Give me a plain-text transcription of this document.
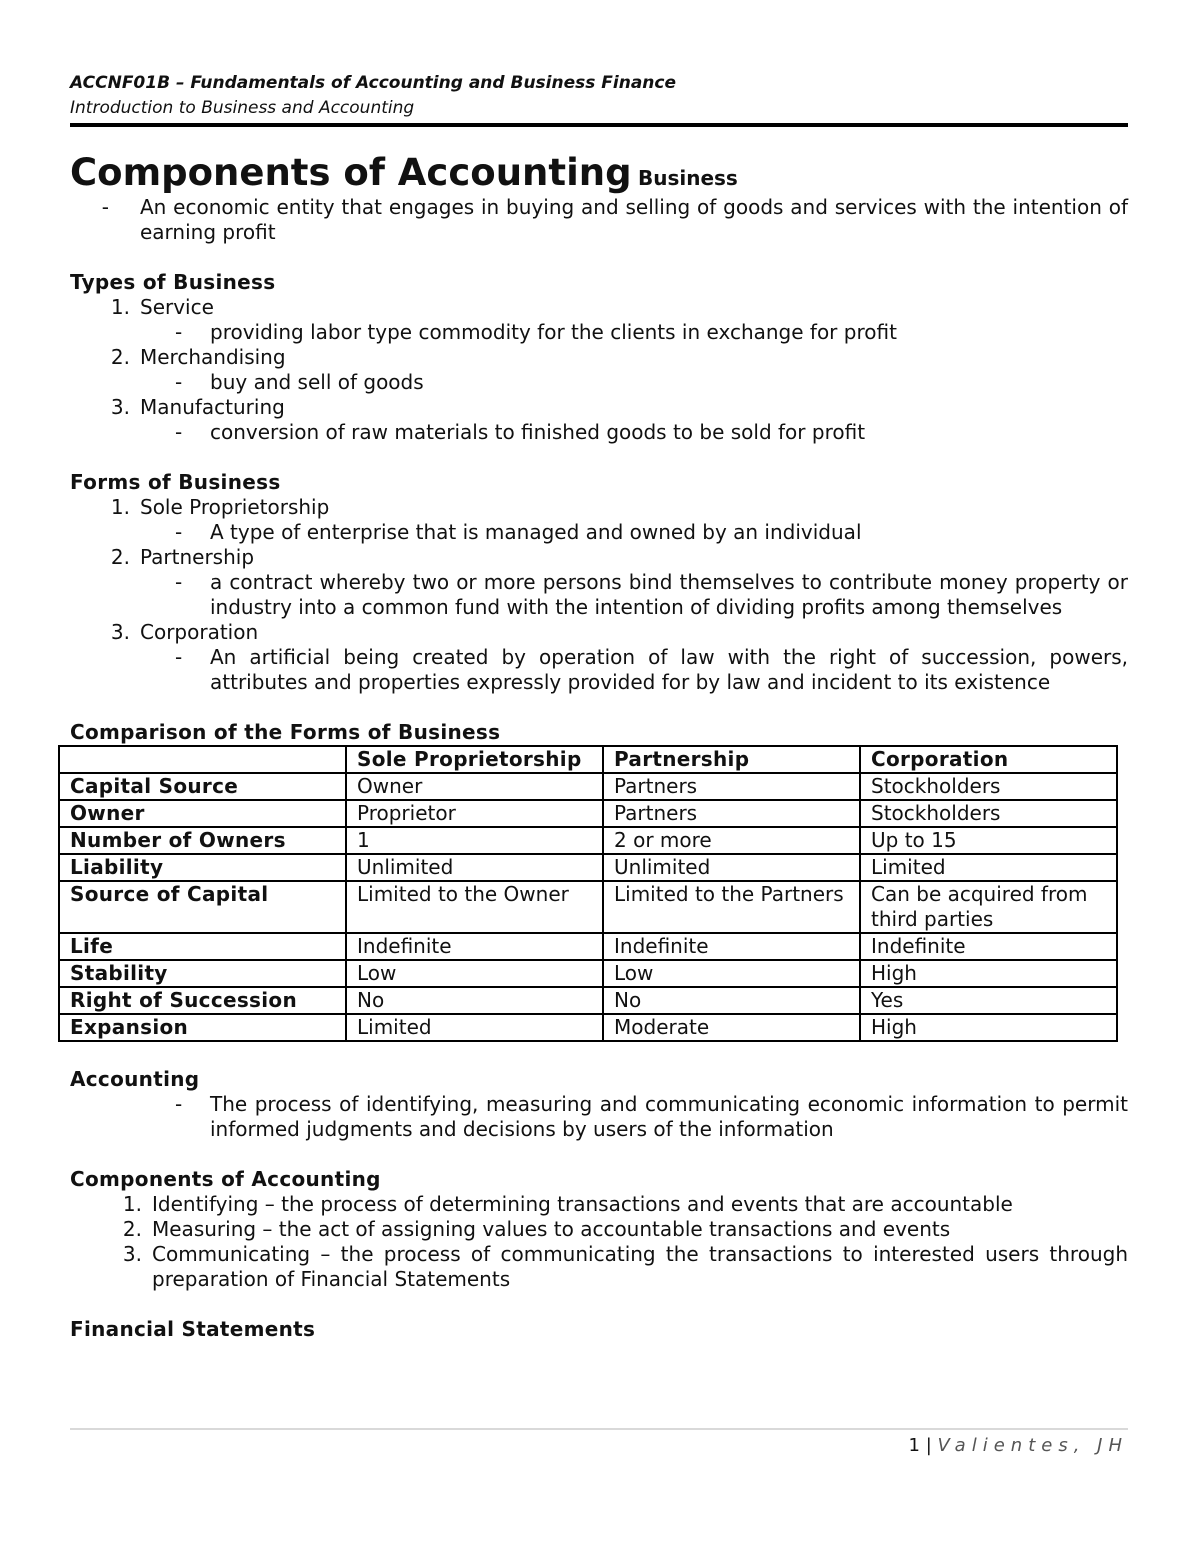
ACCNF01B – Fundamentals of Accounting and Business Finance
Introduction to Business and Accounting
Components of Accounting Business
-	An economic entity that engages in buying and selling of goods and services with the intention of earning profit
Types of Business
1. Service
-	providing labor type commodity for the clients in exchange for profit
2. Merchandising
-	buy and sell of goods
3. Manufacturing
-	conversion of raw materials to finished goods to be sold for profit
Forms of Business
1. Sole Proprietorship
-	A type of enterprise that is managed and owned by an individual
2. Partnership
-	a contract whereby two or more persons bind themselves to contribute money property or industry into a common fund with the intention of dividing profits among themselves
3. Corporation
-	An artificial being created by operation of law with the right of succession, powers, attributes and properties expressly provided for by law and incident to its existence
Comparison of the Forms of Business
	Sole Proprietorship	Partnership	Corporation
Capital Source	Owner	Partners	Stockholders
Owner	Proprietor	Partners	Stockholders
Number of Owners	1	2 or more	Up to 15
Liability	Unlimited	Unlimited	Limited
Source of Capital	Limited to the Owner	Limited to the Partners	Can be acquired from third parties
Life	Indefinite	Indefinite	Indefinite
Stability	Low	Low	High
Right of Succession	No	No	Yes
Expansion	Limited	Moderate	High
Accounting
-	The process of identifying, measuring and communicating economic information to permit informed judgments and decisions by users of the information
Components of Accounting
1. Identifying – the process of determining transactions and events that are accountable
2. Measuring – the act of assigning values to accountable transactions and events
3. Communicating – the process of communicating the transactions to interested users through preparation of Financial Statements
Financial Statements
1 | Valientes, JH
